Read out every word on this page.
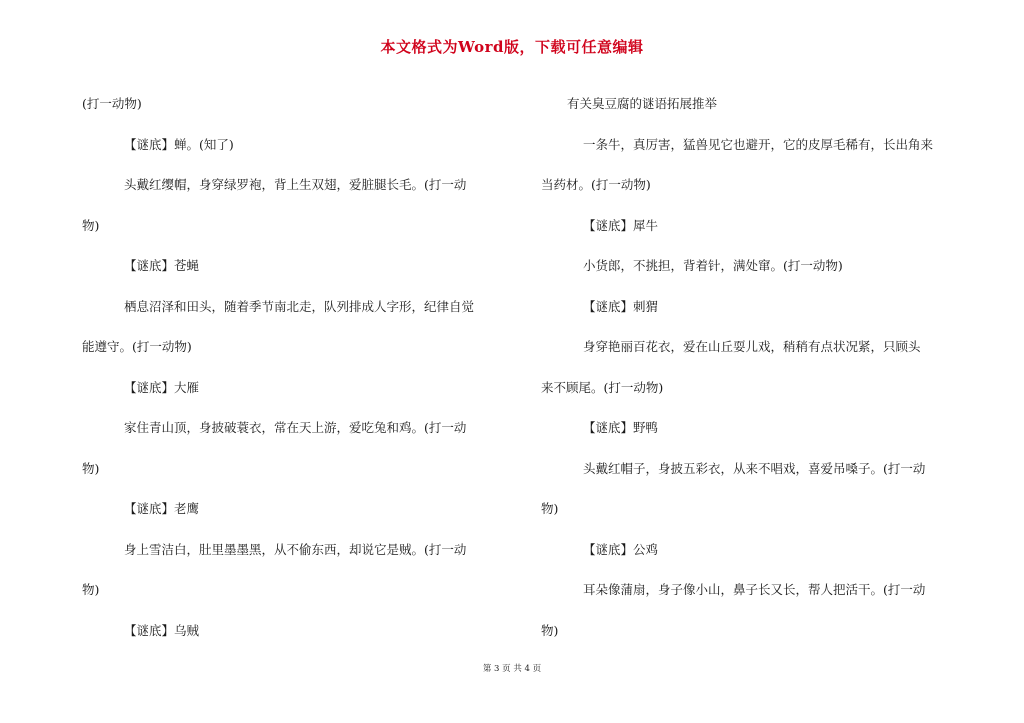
本文格式为Word版，下载可任意编辑

(打一动物)

【谜底】蝉。(知了)

头戴红缨帽，身穿绿罗袍，背上生双翅，爱脏腿长毛。(打一动

物)

【谜底】苍蝇

栖息沼泽和田头，随着季节南北走，队列排成人字形，纪律自觉

能遵守。(打一动物)

【谜底】大雁

家住青山顶，身披破蓑衣，常在天上游，爱吃兔和鸡。(打一动

物)

【谜底】老鹰

身上雪洁白，肚里墨墨黑，从不偷东西，却说它是贼。(打一动

物)

【谜底】乌贼

有关臭豆腐的谜语拓展推举

一条牛，真厉害，猛兽见它也避开，它的皮厚毛稀有，长出角来

当药材。(打一动物)

【谜底】犀牛

小货郎，不挑担，背着针，满处窜。(打一动物)

【谜底】刺猬

身穿艳丽百花衣，爱在山丘耍儿戏，稍稍有点状况紧，只顾头

来不顾尾。(打一动物)

【谜底】野鸭

头戴红帽子，身披五彩衣，从来不唱戏，喜爱吊嗓子。(打一动

物)

【谜底】公鸡

耳朵像蒲扇，身子像小山，鼻子长又长，帮人把活干。(打一动

物)

第 3 页 共 4 页
